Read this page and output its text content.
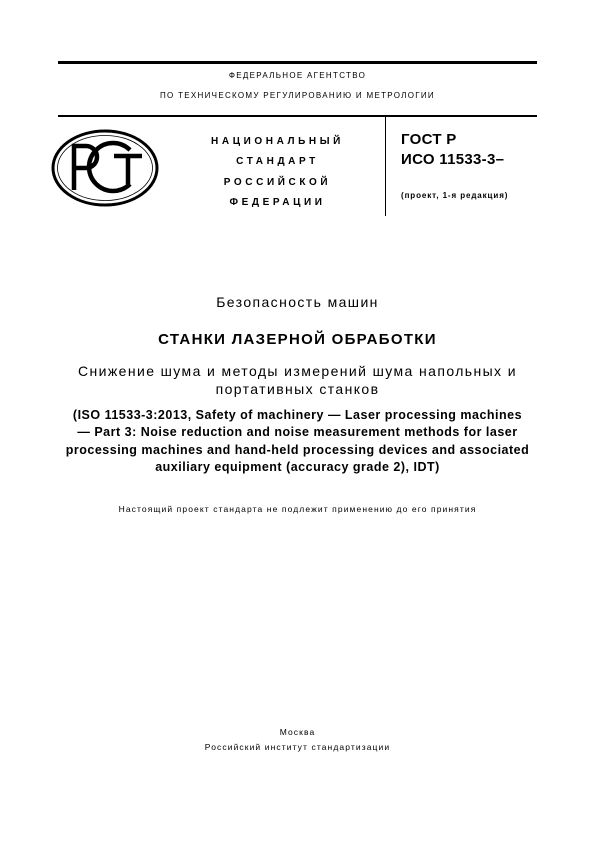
ФЕДЕРАЛЬНОЕ АГЕНТСТВО
ПО ТЕХНИЧЕСКОМУ РЕГУЛИРОВАНИЮ И МЕТРОЛОГИИ
НАЦИОНАЛЬНЫЙ
СТАНДАРТ
РОССИЙСКОЙ
ФЕДЕРАЦИИ
ГОСТ Р
ИСО 11533-3–
(проект, 1-я редакция)
Безопасность машин
СТАНКИ ЛАЗЕРНОЙ ОБРАБОТКИ
Снижение шума и методы измерений шума напольных и
портативных станков
(ISO 11533-3:2013, Safety of machinery — Laser processing machines
— Part 3: Noise reduction and noise measurement methods for laser
processing machines and hand-held processing devices and associated
auxiliary equipment (accuracy grade 2), IDT)
Настоящий проект стандарта не подлежит применению до его принятия
Москва
Российский институт стандартизации
